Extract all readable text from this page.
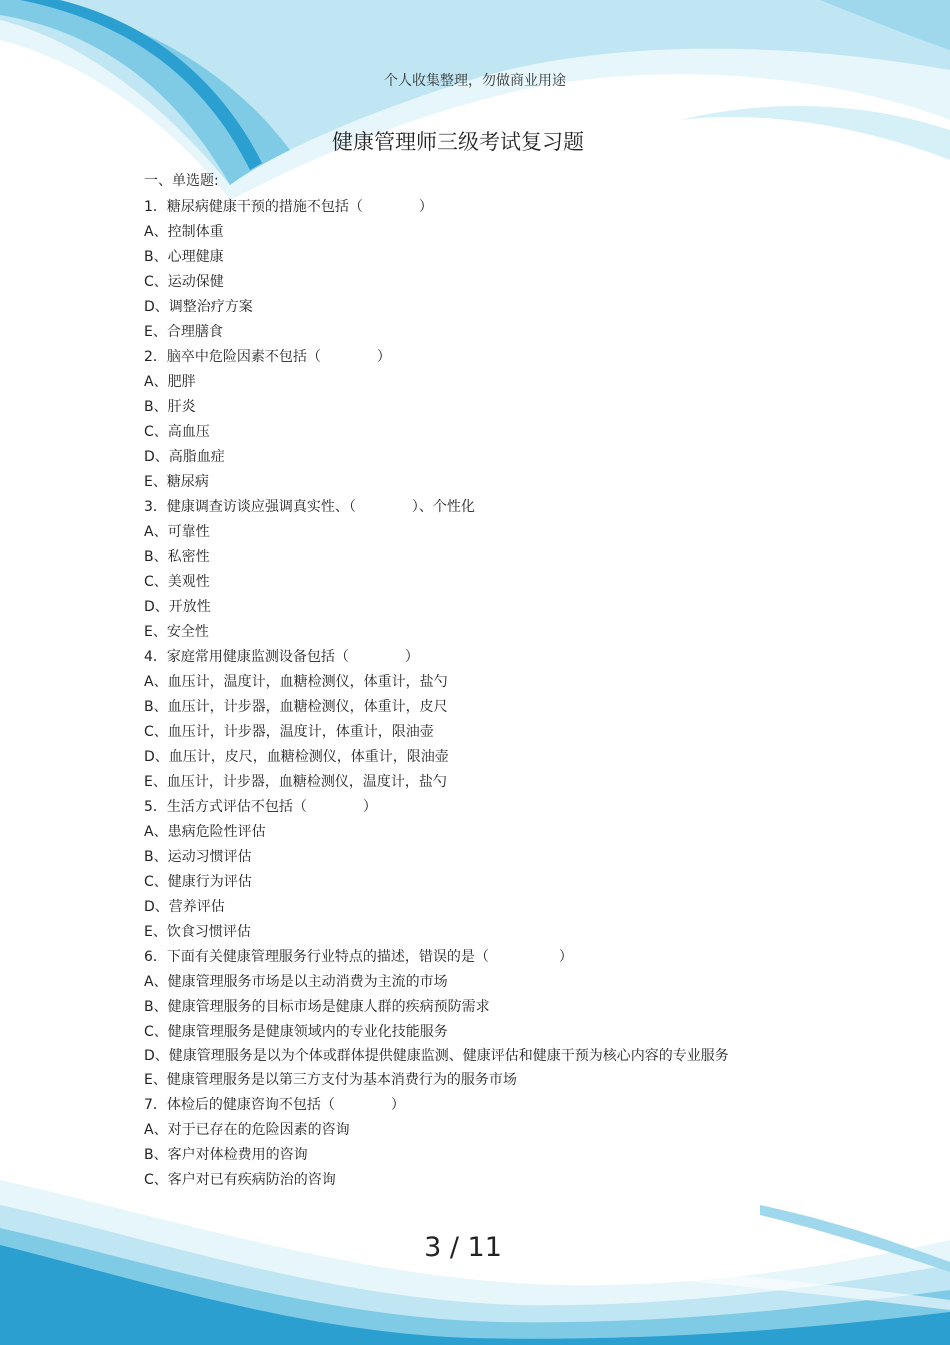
个人收集整理，勿做商业用途
健康管理师三级考试复习题
一、单选题:
1．糖尿病健康干预的措施不包括（　　　　）
A、控制体重
B、心理健康
C、运动保健
D、调整治疗方案
E、合理膳食
2．脑卒中危险因素不包括（　　　　）
A、肥胖
B、肝炎
C、高血压
D、高脂血症
E、糖尿病
3．健康调查访谈应强调真实性、（　　　　）、个性化
A、可靠性
B、私密性
C、美观性
D、开放性
E、安全性
4．家庭常用健康监测设备包括（　　　　）
A、血压计，温度计，血糖检测仪，体重计，盐勺
B、血压计，计步器，血糖检测仪，体重计，皮尺
C、血压计，计步器，温度计，体重计，限油壶
D、血压计，皮尺，血糖检测仪，体重计，限油壶
E、血压计，计步器，血糖检测仪，温度计，盐勺
5．生活方式评估不包括（　　　　）
A、患病危险性评估
B、运动习惯评估
C、健康行为评估
D、营养评估
E、饮食习惯评估
6．下面有关健康管理服务行业特点的描述，错误的是（　　　　　）
A、健康管理服务市场是以主动消费为主流的市场
B、健康管理服务的目标市场是健康人群的疾病预防需求
C、健康管理服务是健康领域内的专业化技能服务
D、健康管理服务是以为个体或群体提供健康监测、健康评估和健康干预为核心内容的专业服务
E、健康管理服务是以第三方支付为基本消费行为的服务市场
7．体检后的健康咨询不包括（　　　　）
A、对于已存在的危险因素的咨询
B、客户对体检费用的咨询
C、客户对已有疾病防治的咨询
3 / 11
